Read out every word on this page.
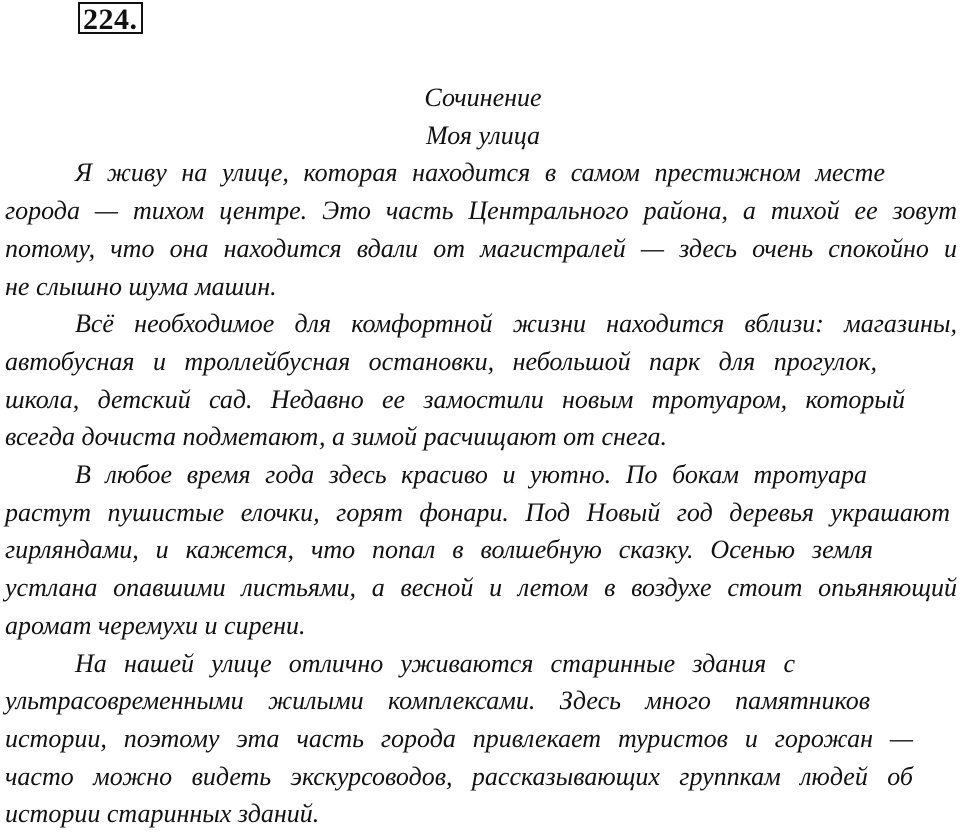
224.
Сочинение
Моя улица
Я живу на улице, которая находится в самом престижном месте
города — тихом центре. Это часть Центрального района, а тихой ее зовут
потому, что она находится вдали от магистралей — здесь очень спокойно и
не слышно шума машин.
Всё необходимое для комфортной жизни находится вблизи: магазины,
автобусная и троллейбусная остановки, небольшой парк для прогулок,
школа, детский сад. Недавно ее замостили новым тротуаром, который
всегда дочиста подметают, а зимой расчищают от снега.
В любое время года здесь красиво и уютно. По бокам тротуара
растут пушистые елочки, горят фонари. Под Новый год деревья украшают
гирляндами, и кажется, что попал в волшебную сказку. Осенью земля
устлана опавшими листьями, а весной и летом в воздухе стоит опьяняющий
аромат черемухи и сирени.
На нашей улице отлично уживаются старинные здания с
ультрасовременными жилыми комплексами. Здесь много памятников
истории, поэтому эта часть города привлекает туристов и горожан —
часто можно видеть экскурсоводов, рассказывающих группкам людей об
истории старинных зданий.
